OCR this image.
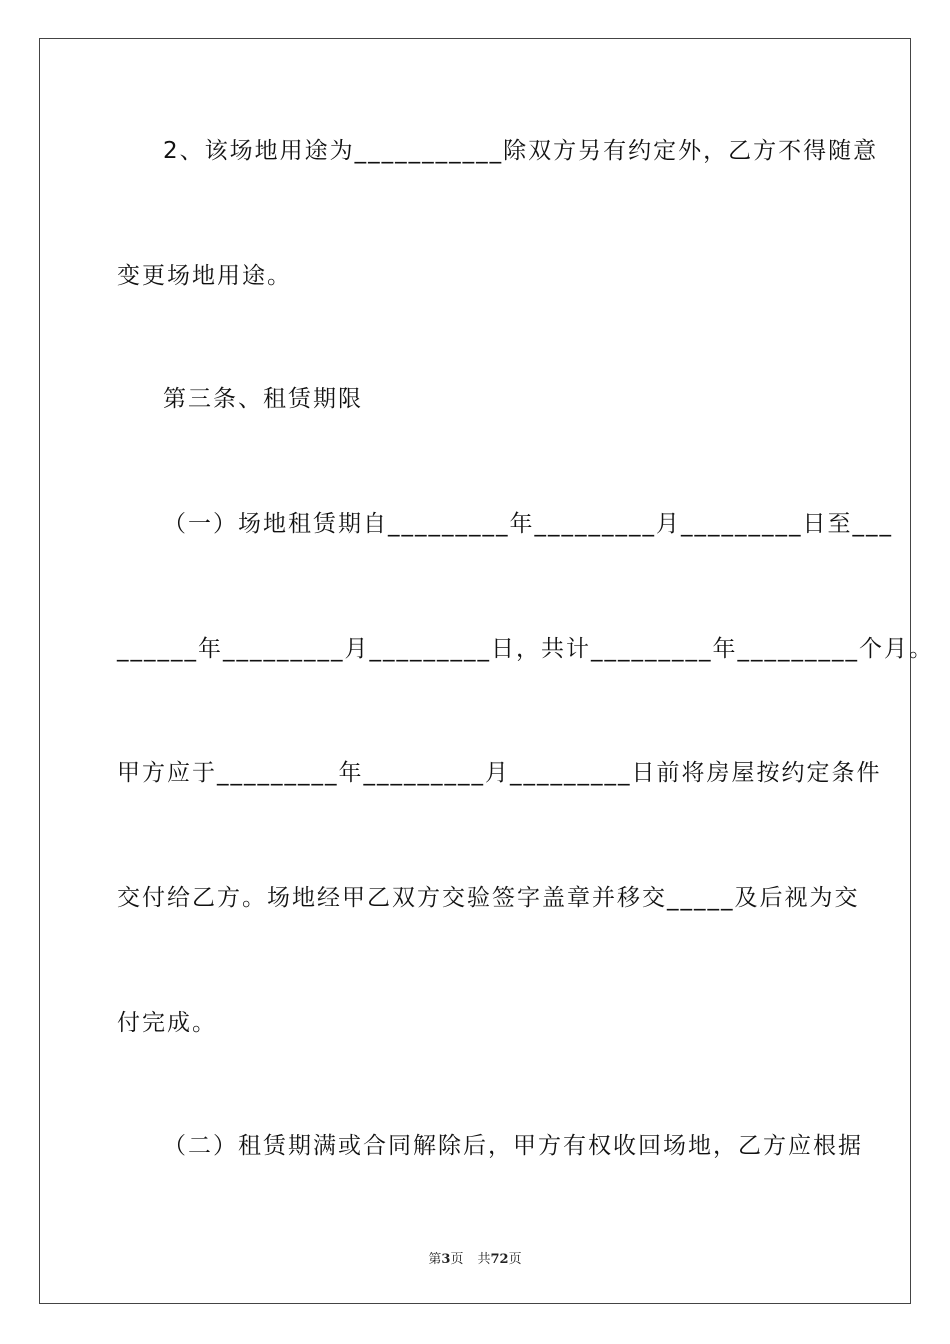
2、该场地用途为___________除双方另有约定外，乙方不得随意
变更场地用途。
第三条、租赁期限
（一）场地租赁期自_________年_________月_________日至___
______年_________月_________日，共计_________年_________个月。
甲方应于_________年_________月_________日前将房屋按约定条件
交付给乙方。场地经甲乙双方交验签字盖章并移交_____及后视为交
付完成。
（二）租赁期满或合同解除后，甲方有权收回场地，乙方应根据
第3页 共72页
